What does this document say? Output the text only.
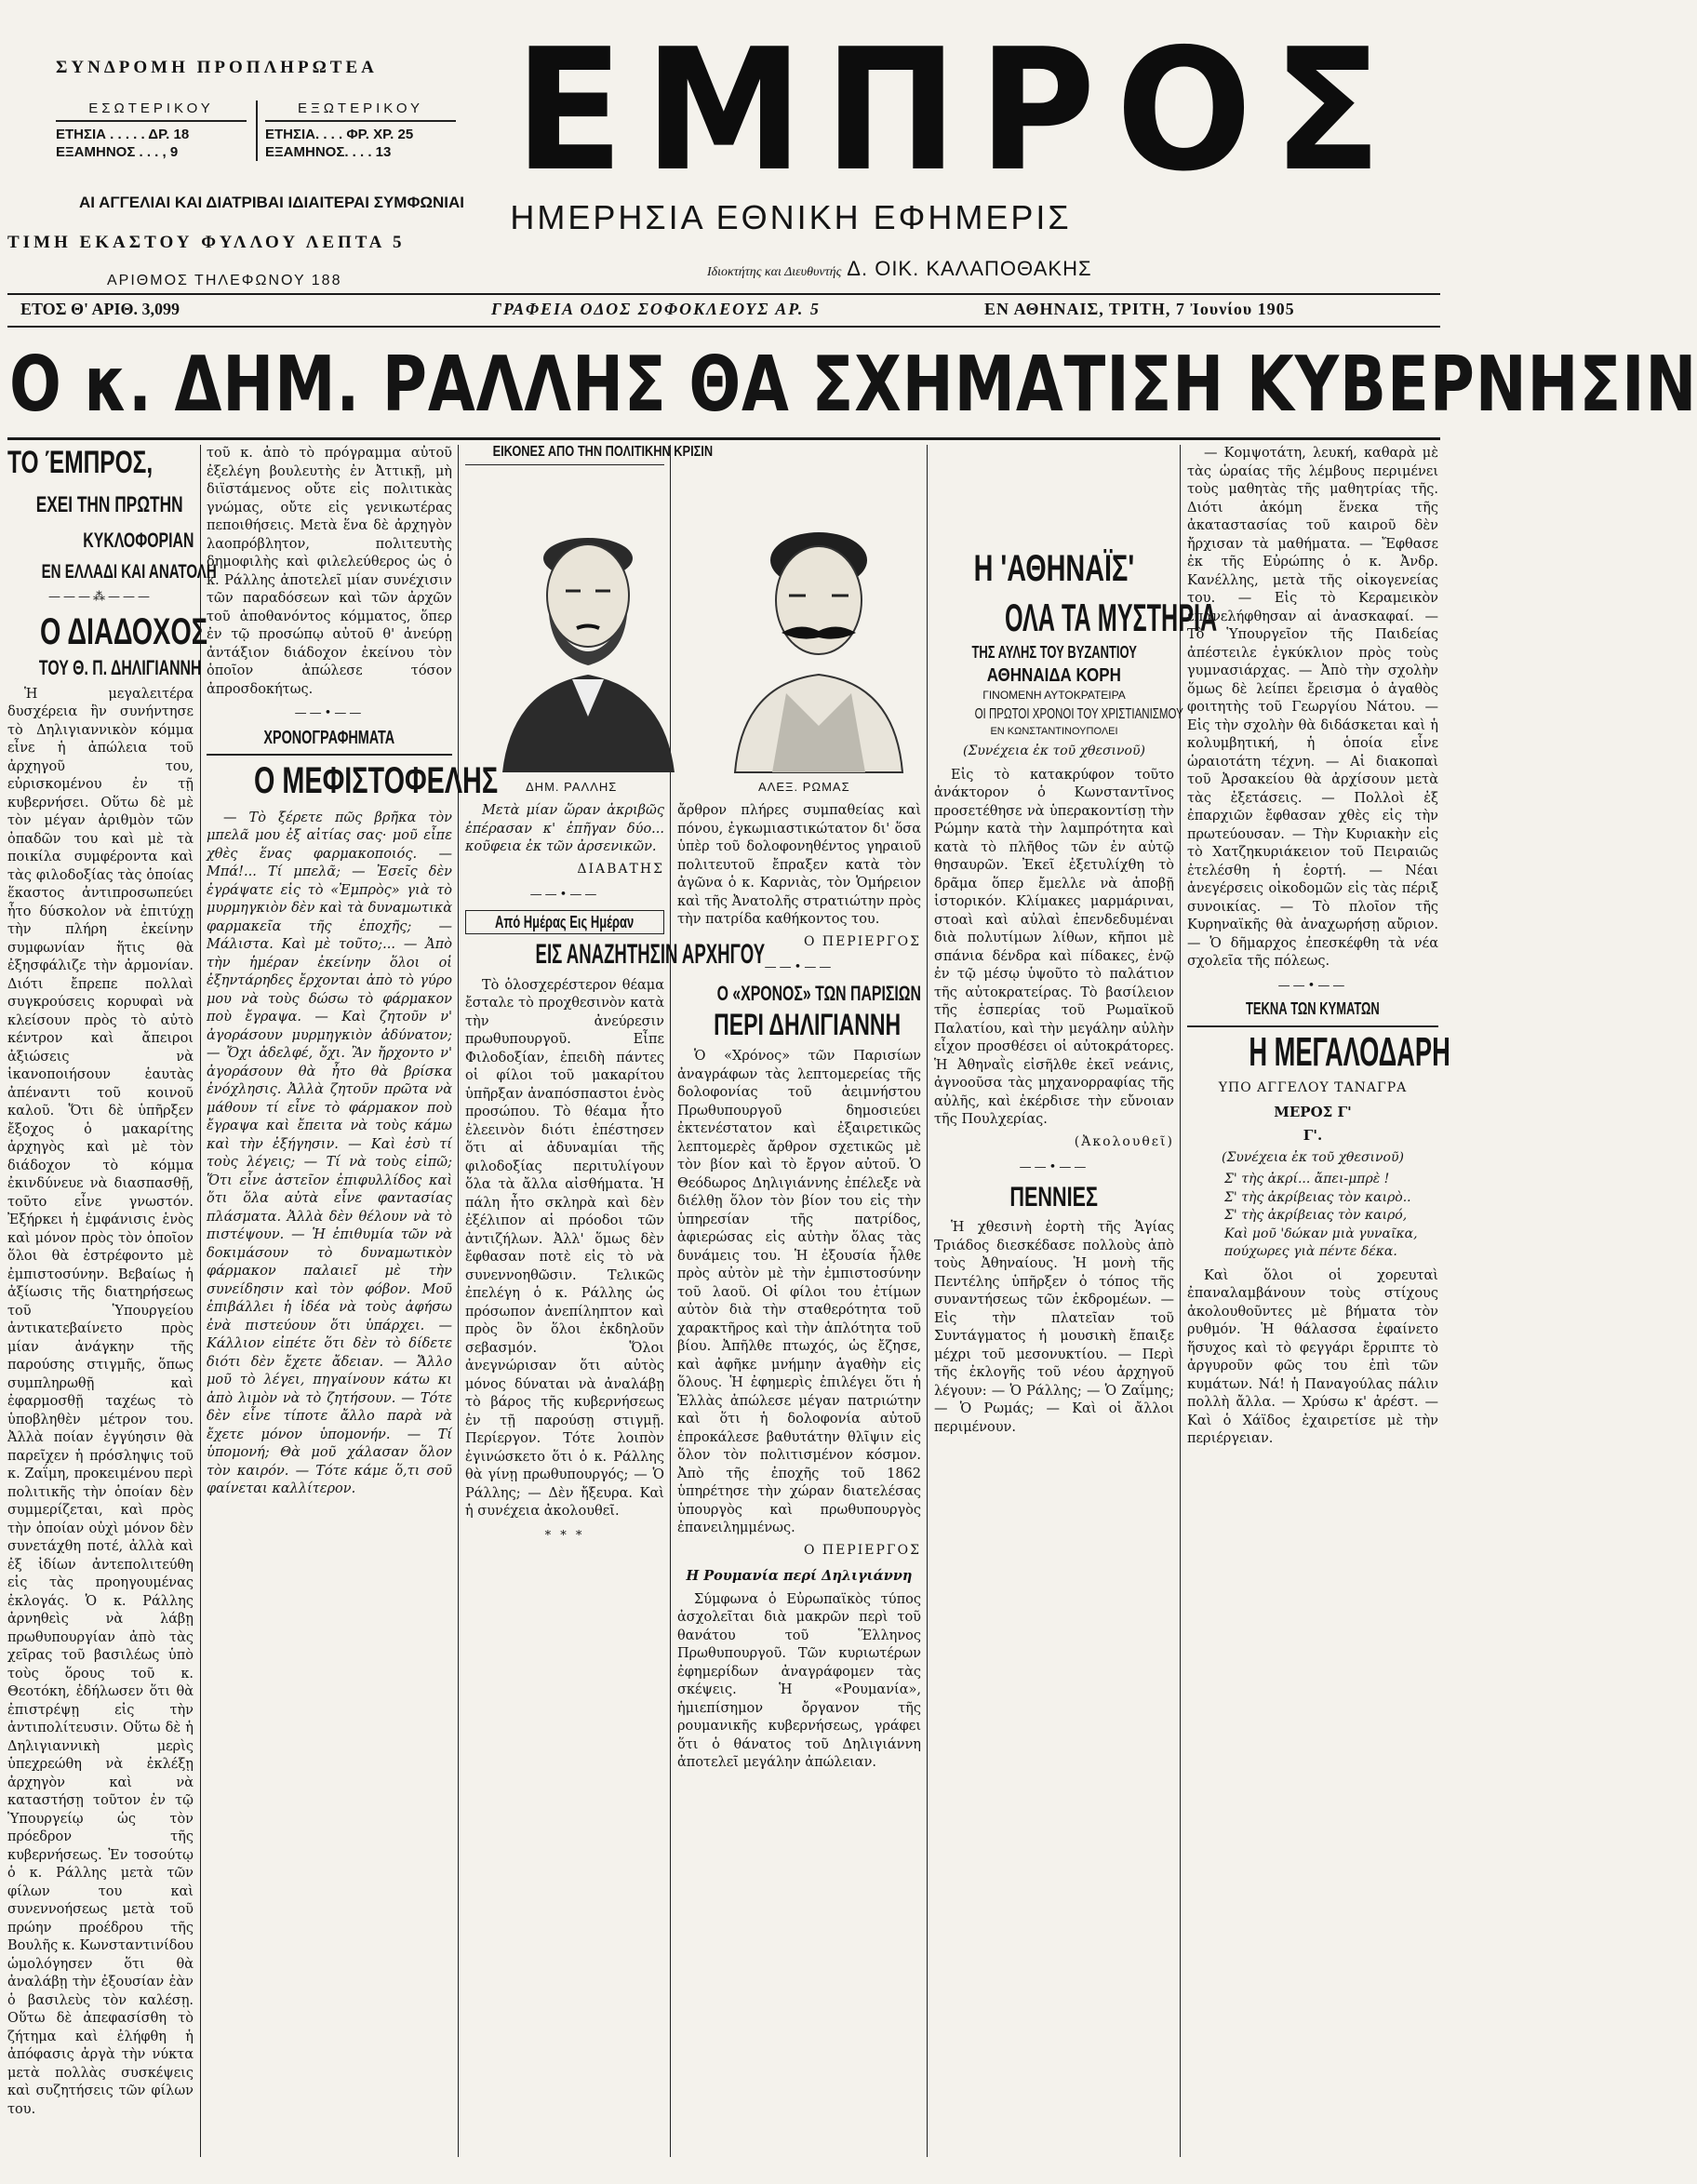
ΣΥΝΔΡΟΜΗ ΠΡΟΠΛΗΡΩΤΕΑ
ΕΣΩΤΕΡΙΚΟΥ
ΕΤΗΣΙΑ . . . . . ΔΡ. 18
ΕΞΑΜΗΝΟΣ . . . , 9
ΕΞΩΤΕΡΙΚΟΥ
ΕΤΗΣΙΑ. . . . ΦΡ. ΧΡ. 25
ΕΞΑΜΗΝΟΣ. . . . 13
ΑΙ ΑΓΓΕΛΙΑΙ ΚΑΙ ΔΙΑΤΡΙΒΑΙ ΙΔΙΑΙΤΕΡΑΙ ΣΥΜΦΩΝΙΑΙ
ΤΙΜΗ ΕΚΑΣΤΟΥ ΦΥΛΛΟΥ ΛΕΠΤΑ 5
ΑΡΙΘΜΟΣ ΤΗΛΕΦΩΝΟΥ 188
ΕΜΠΡΟΣ
ΗΜΕΡΗΣΙΑ ΕΘΝΙΚΗ ΕΦΗΜΕΡΙΣ
Ιδιοκτήτης και Διευθυντής Δ. ΟΙΚ. ΚΑΛΑΠΟΘΑΚΗΣ
ΕΤΟΣ Θ' ΑΡΙΘ. 3,099	ΓΡΑΦΕΙΑ ΟΔΟΣ ΣΟΦΟΚΛΕΟΥΣ ΑΡ. 5	ΕΝ ΑΘΗΝΑΙΣ, ΤΡΙΤΗ, 7 Ἰουνίου 1905
Ο κ. ΔΗΜ. ΡΑΛΛΗΣ ΘΑ ΣΧΗΜΑΤΙΣΗ ΚΥΒΕΡΝΗΣΙΝ
ΤΟ ΈΜΠΡΟΣ,
ΕΧΕΙ ΤΗΝ ΠΡΩΤΗΝ
ΚΥΚΛΟΦΟΡΙΑΝ
ΕΝ ΕΛΛΑΔΙ ΚΑΙ ΑΝΑΤΟΛΗ
———⁂———
Ο ΔΙΑΔΟΧΟΣ
ΤΟΥ Θ. Π. ΔΗΛΙΓΙΑΝΝΗ

Ἡ μεγαλειτέρα δυσχέρεια ἣν συνήντησε τὸ Δηλιγιαννικὸν κόμμα εἶνε ἡ ἀπώλεια τοῦ ἀρχηγοῦ του, εὐρισκομένου ἐν τῇ κυβερνήσει. Οὕτω δὲ μὲ τὸν μέγαν ἀριθμὸν τῶν ὀπαδῶν του καὶ μὲ τὰ ποικίλα συμφέροντα καὶ τὰς φιλοδοξίας τὰς ὁποίας ἕκαστος ἀντιπροσωπεύει ἦτο δύσκολον νὰ ἐπιτύχῃ τὴν πλήρη ἐκείνην συμφωνίαν ἥτις θὰ ἐξησφάλιζε τὴν ἀρμονίαν. Διότι ἔπρεπε πολλαὶ συγκρούσεις κορυφαὶ νὰ κλείσουν πρὸς τὸ αὐτὸ κέντρον καὶ ἄπειροι ἀξιώσεις νὰ ἱκανοποιήσουν ἑαυτὰς ἀπέναντι τοῦ κοινοῦ καλοῦ. Ὅτι δὲ ὑπῆρξεν ἔξοχος ὁ μακαρίτης ἀρχηγὸς καὶ μὲ τὸν διάδοχον τὸ κόμμα ἐκινδύνευε νὰ διασπασθῇ, τοῦτο εἶνε γνωστόν. Ἐξήρκει ἡ ἐμφάνισις ἑνὸς καὶ μόνον πρὸς τὸν ὁποῖον ὅλοι θὰ ἐστρέφοντο μὲ ἐμπιστοσύνην. Βεβαίως ἡ ἀξίωσις τῆς διατηρήσεως τοῦ Ὑπουργείου ἀντικατεβαίνετο πρὸς μίαν ἀνάγκην τῆς παρούσης στιγμῆς, ὅπως συμπληρωθῇ καὶ ἐφαρμοσθῇ ταχέως τὸ ὑποβληθὲν μέτρον του. Ἀλλὰ ποίαν ἐγγύησιν θὰ παρεῖχεν ἡ πρόσληψις τοῦ κ. Ζαΐμη, προκειμένου περὶ πολιτικῆς τὴν ὁποίαν δὲν συμμερίζεται, καὶ πρὸς τὴν ὁποίαν οὐχὶ μόνον δὲν συνετάχθη ποτέ, ἀλλὰ καὶ ἐξ ἰδίων ἀντεπολιτεύθη εἰς τὰς προηγουμένας ἐκλογάς. Ὁ κ. Ράλλης ἀρνηθεὶς νὰ λάβῃ πρωθυπουργίαν ἀπὸ τὰς χεῖρας τοῦ βασιλέως ὑπὸ τοὺς ὅρους τοῦ κ. Θεοτόκη, ἐδήλωσεν ὅτι θὰ ἐπιστρέψῃ εἰς τὴν ἀντιπολίτευσιν. Οὕτω δὲ ἡ Δηλιγιαννικὴ μερὶς ὑπεχρεώθη νὰ ἐκλέξῃ ἀρχηγὸν καὶ νὰ καταστήσῃ τοῦτον ἐν τῷ Ὑπουργείῳ ὡς τὸν πρόεδρον τῆς κυβερνήσεως. Ἐν τοσούτῳ ὁ κ. Ράλλης μετὰ τῶν φίλων του καὶ συνεννοήσεως μετὰ τοῦ πρώην προέδρου τῆς Βουλῆς κ. Κωνσταντινίδου ὡμολόγησεν ὅτι θὰ ἀναλάβῃ τὴν ἐξουσίαν ἐὰν ὁ βασιλεὺς τὸν καλέσῃ. Οὕτω δὲ ἀπεφασίσθη τὸ ζήτημα καὶ ἐλήφθη ἡ ἀπόφασις ἀργὰ τὴν νύκτα μετὰ πολλὰς συσκέψεις καὶ συζητήσεις τῶν φίλων του.

τοῦ κ. ἀπὸ τὸ πρόγραμμα αὐτοῦ ἐξελέγη βουλευτὴς ἐν Ἀττικῇ, μὴ διϊστάμενος οὔτε εἰς πολιτικὰς γνώμας, οὔτε εἰς γενικωτέρας πεποιθήσεις. Μετὰ ἕνα δὲ ἀρχηγὸν λαοπρόβλητον, πολιτευτὴς δημοφιλὴς καὶ φιλελεύθερος ὡς ὁ κ. Ράλλης ἀποτελεῖ μίαν συνέχισιν τῶν παραδόσεων καὶ τῶν ἀρχῶν τοῦ ἀποθανόντος κόμματος, ὅπερ ἐν τῷ προσώπῳ αὐτοῦ θ' ἀνεύρῃ ἀντάξιον διάδοχον ἐκείνου τὸν ὁποῖον ἀπώλεσε τόσον ἀπροσδοκήτως.

——•——
ΧΡΟΝΟΓΡΑΦΗΜΑΤΑ
Ο ΜΕΦΙΣΤΟΦΕΛΗΣ

— Τὸ ξέρετε πῶς βρῆκα τὸν μπελᾶ μου ἐξ αἰτίας σας· μοῦ εἶπε χθὲς ἕνας φαρμακοποιός. — Μπά!... Τί μπελᾶ; — Ἐσεῖς δὲν ἐγράψατε εἰς τὸ «Ἐμπρὸς» γιὰ τὸ μυρμηγκιὸν δὲν καὶ τὰ δυναμωτικὰ φαρμακεῖα τῆς ἐποχῆς; — Μάλιστα. Καὶ μὲ τοῦτο;... — Ἀπὸ τὴν ἡμέραν ἐκείνην ὅλοι οἱ ἐξηντάρηδες ἔρχονται ἀπὸ τὸ γύρο μου νὰ τοὺς δώσω τὸ φάρμακον ποὺ ἔγραψα. — Καὶ ζητοῦν ν' ἀγοράσουν μυρμηγκιὸν ἀδύνατον; — Ὄχι ἀδελφέ, ὄχι. Ἂν ἤρχοντο ν' ἀγοράσουν θὰ ἦτο θὰ βρίσκα ἐνόχλησις. Ἀλλὰ ζητοῦν πρῶτα νὰ μάθουν τί εἶνε τὸ φάρμακον ποὺ ἔγραψα καὶ ἔπειτα νὰ τοὺς κάμω καὶ τὴν ἐξήγησιν. — Καὶ ἐσὺ τί τοὺς λέγεις; — Τί νὰ τοὺς εἰπῶ; Ὅτι εἶνε ἀστεῖον ἐπιφυλλίδος καὶ ὅτι ὅλα αὐτὰ εἶνε φαντασίας πλάσματα. Ἀλλὰ δὲν θέλουν νὰ τὸ πιστέψουν. — Ἡ ἐπιθυμία τῶν νὰ δοκιμάσουν τὸ δυναμωτικὸν φάρμακον παλαιεῖ μὲ τὴν συνείδησιν καὶ τὸν φόβον. Μοῦ ἐπιβάλλει ἡ ἰδέα νὰ τοὺς ἀφήσω ἐνὰ πιστεύουν ὅτι ὑπάρχει. — Κάλλιον εἰπέτε ὅτι δὲν τὸ δίδετε διότι δὲν ἔχετε ἄδειαν. — Ἄλλο μοῦ τὸ λέγει, πηγαίνουν κάτω κι ἀπὸ λιμὸν νὰ τὸ ζητήσουν. — Τότε δὲν εἶνε τίποτε ἄλλο παρὰ νὰ ἔχετε μόνον ὑπομονήν. — Τί ὑπομονή; Θὰ μοῦ χάλασαν ὅλον τὸν καιρόν. — Τότε κάμε ὅ,τι σοῦ φαίνεται καλλίτερον.

ΕΙΚΟΝΕΣ ΑΠΟ ΤΗΝ ΠΟΛΙΤΙΚΗΝ ΚΡΙΣΙΝ
ΔΗΜ. ΡΑΛΛΗΣ	ΑΛΕΞ. ΡΩΜΑΣ

Μετὰ μίαν ὥραν ἀκριβῶς ἐπέρασαν κ' ἐπῆγαν δύο... κοῦφεια ἐκ τῶν ἀρσενικῶν.

ΔΙΑΒΑΤΗΣ
——•——
Από Ημέρας Εις Ημέραν
ΕΙΣ ΑΝΑΖΗΤΗΣΙΝ ΑΡΧΗΓΟΥ

Τὸ ὁλοσχερέστερον θέαμα ἔσταλε τὸ προχθεσινὸν κατὰ τὴν ἀνεύρεσιν πρωθυπουργοῦ. Εἶπε Φιλοδοξίαν, ἐπειδὴ πάντες οἱ φίλοι τοῦ μακαρίτου ὑπῆρξαν ἀναπόσπαστοι ἑνὸς προσώπου. Τὸ θέαμα ἦτο ἐλεεινὸν διότι ἐπέστησεν ὅτι αἱ ἀδυναμίαι τῆς φιλοδοξίας περιτυλίγουν ὅλα τὰ ἄλλα αἰσθήματα. Ἡ πάλη ἦτο σκληρὰ καὶ δὲν ἐξέλιπον αἱ πρόοδοι τῶν ἀντιζήλων. Ἀλλ' ὅμως δὲν ἔφθασαν ποτὲ εἰς τὸ νὰ συνεννοηθῶσιν. Τελικῶς ἐπελέγη ὁ κ. Ράλλης ὡς πρόσωπον ἀνεπίληπτον καὶ πρὸς ὃν ὅλοι ἐκδηλοῦν σεβασμόν. Ὅλοι ἀνεγνώρισαν ὅτι αὐτὸς μόνος δύναται νὰ ἀναλάβῃ τὸ βάρος τῆς κυβερνήσεως ἐν τῇ παρούσῃ στιγμῇ. Περίεργον. Τότε λοιπὸν ἐγινώσκετο ὅτι ὁ κ. Ράλλης θὰ γίνῃ πρωθυπουργός; — Ὁ Ράλλης; — Δὲν ἤξευρα. Καὶ ἡ συνέχεια ἀκολουθεῖ.

* * *

ἄρθρον πλήρες συμπαθείας καὶ πόνου, ἐγκωμιαστικώτατον δι' ὅσα ὑπὲρ τοῦ δολοφονηθέντος γηραιοῦ πολιτευτοῦ ἔπραξεν κατὰ τὸν ἀγῶνα ὁ κ. Καρνιὰς, τὸν Ὁμήρειον καὶ τῆς Ἀνατολῆς στρατιώτην πρὸς τὴν πατρίδα καθήκοντος του.

Ο ΠΕΡΙΕΡΓΟΣ
——•——
Ο «ΧΡΟΝΟΣ» ΤΩΝ ΠΑΡΙΣΙΩΝ
ΠΕΡΙ ΔΗΛΙΓΙΑΝΝΗ

Ὁ «Χρόνος» τῶν Παρισίων ἀναγράφων τὰς λεπτομερείας τῆς δολοφονίας τοῦ ἀειμνήστου Πρωθυπουργοῦ δημοσιεύει ἐκτενέστατον καὶ ἐξαιρετικῶς λεπτομερὲς ἄρθρον σχετικῶς μὲ τὸν βίον καὶ τὸ ἔργον αὐτοῦ. Ὁ Θεόδωρος Δηλιγιάννης ἐπέλεξε νὰ διέλθῃ ὅλον τὸν βίον του εἰς τὴν ὑπηρεσίαν τῆς πατρίδος, ἀφιερώσας εἰς αὐτὴν ὅλας τὰς δυνάμεις του. Ἡ ἐξουσία ἦλθε πρὸς αὐτὸν μὲ τὴν ἐμπιστοσύνην τοῦ λαοῦ. Οἱ φίλοι του ἐτίμων αὐτὸν διὰ τὴν σταθερότητα τοῦ χαρακτῆρος καὶ τὴν ἁπλότητα τοῦ βίου. Ἀπῆλθε πτωχός, ὡς ἔζησε, καὶ ἀφῆκε μνήμην ἀγαθὴν εἰς ὅλους. Ἡ ἐφημερὶς ἐπιλέγει ὅτι ἡ Ἑλλὰς ἀπώλεσε μέγαν πατριώτην καὶ ὅτι ἡ δολοφονία αὐτοῦ ἐπροκάλεσε βαθυτάτην θλῖψιν εἰς ὅλον τὸν πολιτισμένον κόσμον. Ἀπὸ τῆς ἐποχῆς τοῦ 1862 ὑπηρέτησε τὴν χώραν διατελέσας ὑπουργὸς καὶ πρωθυπουργὸς ἐπανειλημμένως.

Ο ΠΕΡΙΕΡΓΟΣ
Η Ρουμανία περί Δηλιγιάννη

Σύμφωνα ὁ Εὐρωπαϊκὸς τύπος ἀσχολεῖται διὰ μακρῶν περὶ τοῦ θανάτου τοῦ Ἕλληνος Πρωθυπουργοῦ. Τῶν κυριωτέρων ἐφημερίδων ἀναγράφομεν τὰς σκέψεις. Ἡ «Ρουμανία», ἡμιεπίσημον ὄργανον τῆς ρουμανικῆς κυβερνήσεως, γράφει ὅτι ὁ θάνατος τοῦ Δηλιγιάννη ἀποτελεῖ μεγάλην ἀπώλειαν.

Η 'ΑΘΗΝΑΪΣ'
ΟΛΑ ΤΑ ΜΥΣΤΗΡΙΑ
ΤΗΣ ΑΥΛΗΣ ΤΟΥ ΒΥΖΑΝΤΙΟΥ
ΑΘΗΝΑΙΔΑ ΚΟΡΗ
ΓΙΝΟΜΕΝΗ ΑΥΤΟΚΡΑΤΕΙΡΑ
ΟΙ ΠΡΩΤΟΙ ΧΡΟΝΟΙ ΤΟΥ ΧΡΙΣΤΙΑΝΙΣΜΟΥ
ΕΝ ΚΩΝΣΤΑΝΤΙΝΟΥΠΟΛΕΙ
(Συνέχεια ἐκ τοῦ χθεσινοῦ)

Εἰς τὸ κατακρύφον τοῦτο ἀνάκτορον ὁ Κωνσταντῖνος προσετέθησε νὰ ὑπερακοντίσῃ τὴν Ρώμην κατὰ τὴν λαμπρότητα καὶ κατὰ τὸ πλῆθος τῶν ἐν αὐτῷ θησαυρῶν. Ἐκεῖ ἐξετυλίχθη τὸ δρᾶμα ὅπερ ἔμελλε νὰ ἀποβῇ ἱστορικόν. Κλίμακες μαρμάριναι, στοαὶ καὶ αὐλαὶ ἐπενδεδυμέναι διὰ πολυτίμων λίθων, κῆποι μὲ σπάνια δένδρα καὶ πίδακες, ἐνῷ ἐν τῷ μέσῳ ὑψοῦτο τὸ παλάτιον τῆς αὐτοκρατείρας. Τὸ βασίλειον τῆς ἑσπερίας τοῦ Ρωμαϊκοῦ Παλατίου, καὶ τὴν μεγάλην αὐλὴν εἶχον προσθέσει οἱ αὐτοκράτορες. Ἡ Ἀθηναῒς εἰσῆλθε ἐκεῖ νεάνις, ἀγνοοῦσα τὰς μηχανορραφίας τῆς αὐλῆς, καὶ ἐκέρδισε τὴν εὔνοιαν τῆς Πουλχερίας.

(Ἀκολουθεῖ)
——•——
ΠΕΝΝΙΕΣ

Ἡ χθεσινὴ ἑορτὴ τῆς Ἁγίας Τριάδος διεσκέδασε πολλοὺς ἀπὸ τοὺς Ἀθηναίους. Ἡ μονὴ τῆς Πεντέλης ὑπῆρξεν ὁ τόπος τῆς συναντήσεως τῶν ἐκδρομέων. — Εἰς τὴν πλατεῖαν τοῦ Συντάγματος ἡ μουσικὴ ἔπαιξε μέχρι τοῦ μεσονυκτίου. — Περὶ τῆς ἐκλογῆς τοῦ νέου ἀρχηγοῦ λέγουν: — Ὁ Ράλλης; — Ὁ Ζαΐμης; — Ὁ Ρωμάς; — Καὶ οἱ ἄλλοι περιμένουν.

— Κομψοτάτη, λευκή, καθαρὰ μὲ τὰς ὡραίας τῆς λέμβους περιμένει τοὺς μαθητὰς τῆς μαθητρίας τῆς. Διότι ἀκόμη ἕνεκα τῆς ἀκαταστασίας τοῦ καιροῦ δὲν ἤρχισαν τὰ μαθήματα. — Ἔφθασε ἐκ τῆς Εὐρώπης ὁ κ. Ἀνδρ. Κανέλλης, μετὰ τῆς οἰκογενείας του. — Εἰς τὸ Κεραμεικὸν ἐπανελήφθησαν αἱ ἀνασκαφαί. — Τὸ Ὑπουργεῖον τῆς Παιδείας ἀπέστειλε ἐγκύκλιον πρὸς τοὺς γυμνασιάρχας. — Ἀπὸ τὴν σχολὴν ὅμως δὲ λείπει ἔρεισμα ὁ ἀγαθὸς φοιτητὴς τοῦ Γεωργίου Νάτου. — Εἰς τὴν σχολὴν θὰ διδάσκεται καὶ ἡ κολυμβητική, ἡ ὁποία εἶνε ὡραιοτάτη τέχνη. — Αἱ διακοπαὶ τοῦ Ἀρσακείου θὰ ἀρχίσουν μετὰ τὰς ἐξετάσεις. — Πολλοὶ ἐξ ἐπαρχιῶν ἔφθασαν χθὲς εἰς τὴν πρωτεύουσαν. — Τὴν Κυριακὴν εἰς τὸ Χατζηκυριάκειον τοῦ Πειραιῶς ἐτελέσθη ἡ ἐορτή. — Νέαι ἀνεγέρσεις οἰκοδομῶν εἰς τὰς πέριξ συνοικίας. — Τὸ πλοῖον τῆς Κυρηναϊκῆς θὰ ἀναχωρήσῃ αὔριον. — Ὁ δῆμαρχος ἐπεσκέφθη τὰ νέα σχολεῖα τῆς πόλεως.

——•——
ΤΕΚΝΑ ΤΩΝ ΚΥΜΑΤΩΝ
Η ΜΕΓΑΛΟΔΑΡΗ
ΥΠΟ ΑΓΓΕΛΟΥ ΤΑΝΑΓΡΑ
ΜΕΡΟΣ Γ'
Γ'.
(Συνέχεια ἐκ τοῦ χθεσινοῦ)
Σ' τὴς ἀκρί... ἄπει-μπρὲ !
Σ' τὴς ἀκρίβειας τὸν καιρὸ..
Σ' τὴς ἀκρίβειας τὸν καιρό,
Καὶ μοῦ 'δώκαν μιὰ γυναῖκα,
πούχωρες γιὰ πέντε δέκα.

Καὶ ὅλοι οἱ χορευταὶ ἐπαναλαμβάνουν τοὺς στίχους ἀκολουθοῦντες μὲ βήματα τὸν ρυθμόν. Ἡ θάλασσα ἐφαίνετο ἥσυχος καὶ τὸ φεγγάρι ἔρριπτε τὸ ἀργυροῦν φῶς του ἐπὶ τῶν κυμάτων. Νά! ἡ Παναγούλας πάλιν πολλὴ ἄλλα. — Χρύσω κ' ἀρέστ. — Καὶ ὁ Χάϊδος ἐχαιρετίσε μὲ τὴν περιέργειαν.
